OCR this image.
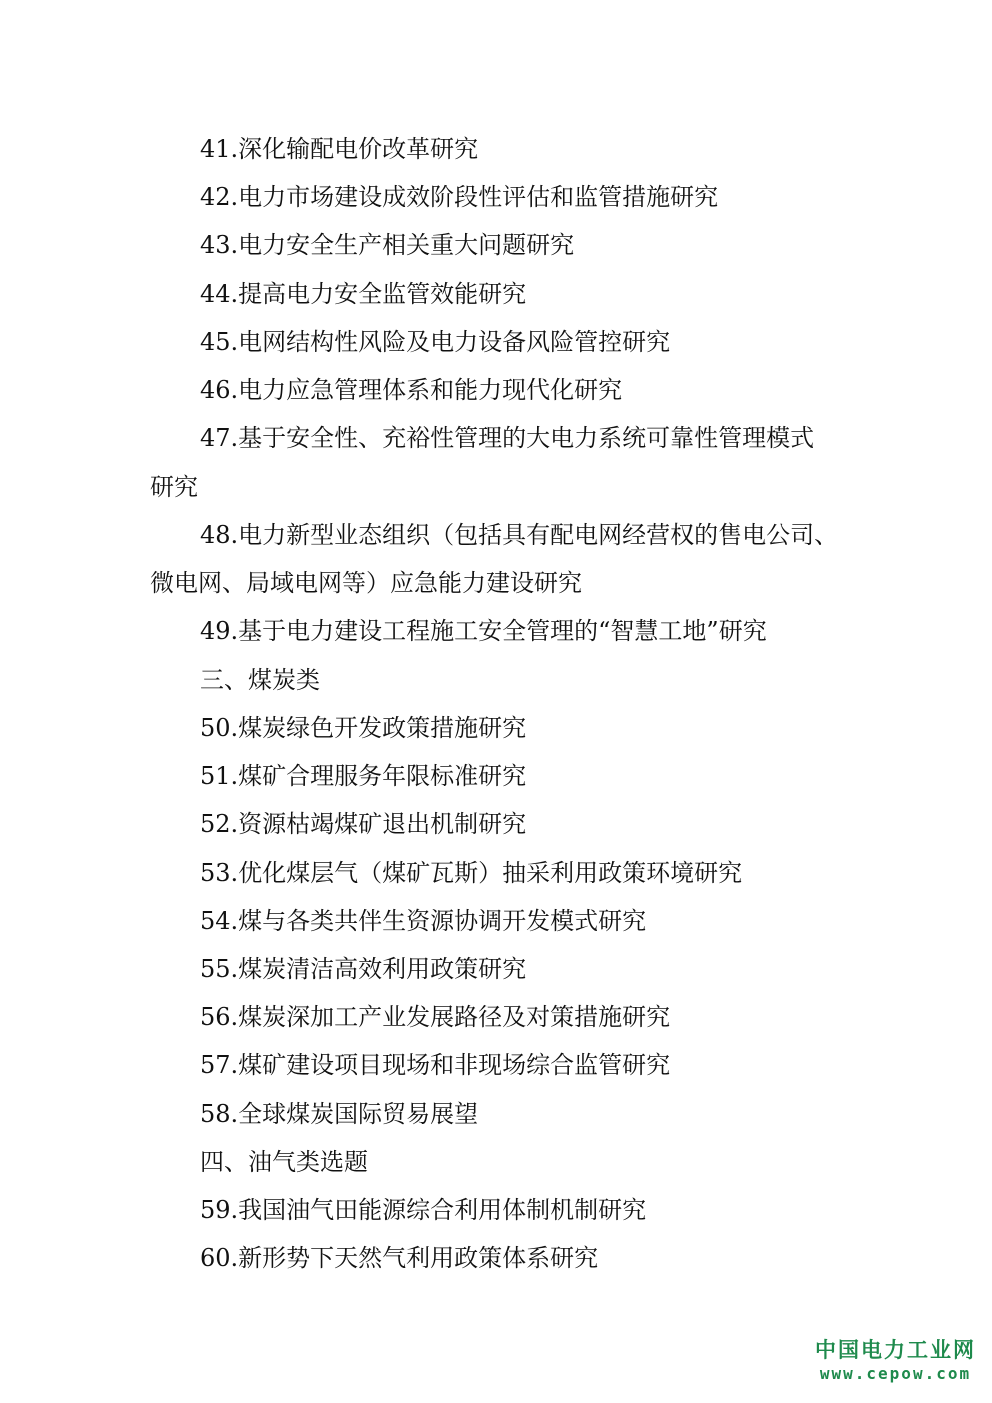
41.深化输配电价改革研究
42.电力市场建设成效阶段性评估和监管措施研究
43.电力安全生产相关重大问题研究
44.提高电力安全监管效能研究
45.电网结构性风险及电力设备风险管控研究
46.电力应急管理体系和能力现代化研究
47.基于安全性、充裕性管理的大电力系统可靠性管理模式
研究
48.电力新型业态组织（包括具有配电网经营权的售电公司、
微电网、局域电网等）应急能力建设研究
49.基于电力建设工程施工安全管理的“智慧工地”研究
三、煤炭类
50.煤炭绿色开发政策措施研究
51.煤矿合理服务年限标准研究
52.资源枯竭煤矿退出机制研究
53.优化煤层气（煤矿瓦斯）抽采利用政策环境研究
54.煤与各类共伴生资源协调开发模式研究
55.煤炭清洁高效利用政策研究
56.煤炭深加工产业发展路径及对策措施研究
57.煤矿建设项目现场和非现场综合监管研究
58.全球煤炭国际贸易展望
四、油气类选题
59.我国油气田能源综合利用体制机制研究
60.新形势下天然气利用政策体系研究
中国电力工业网
www.cepow.com
